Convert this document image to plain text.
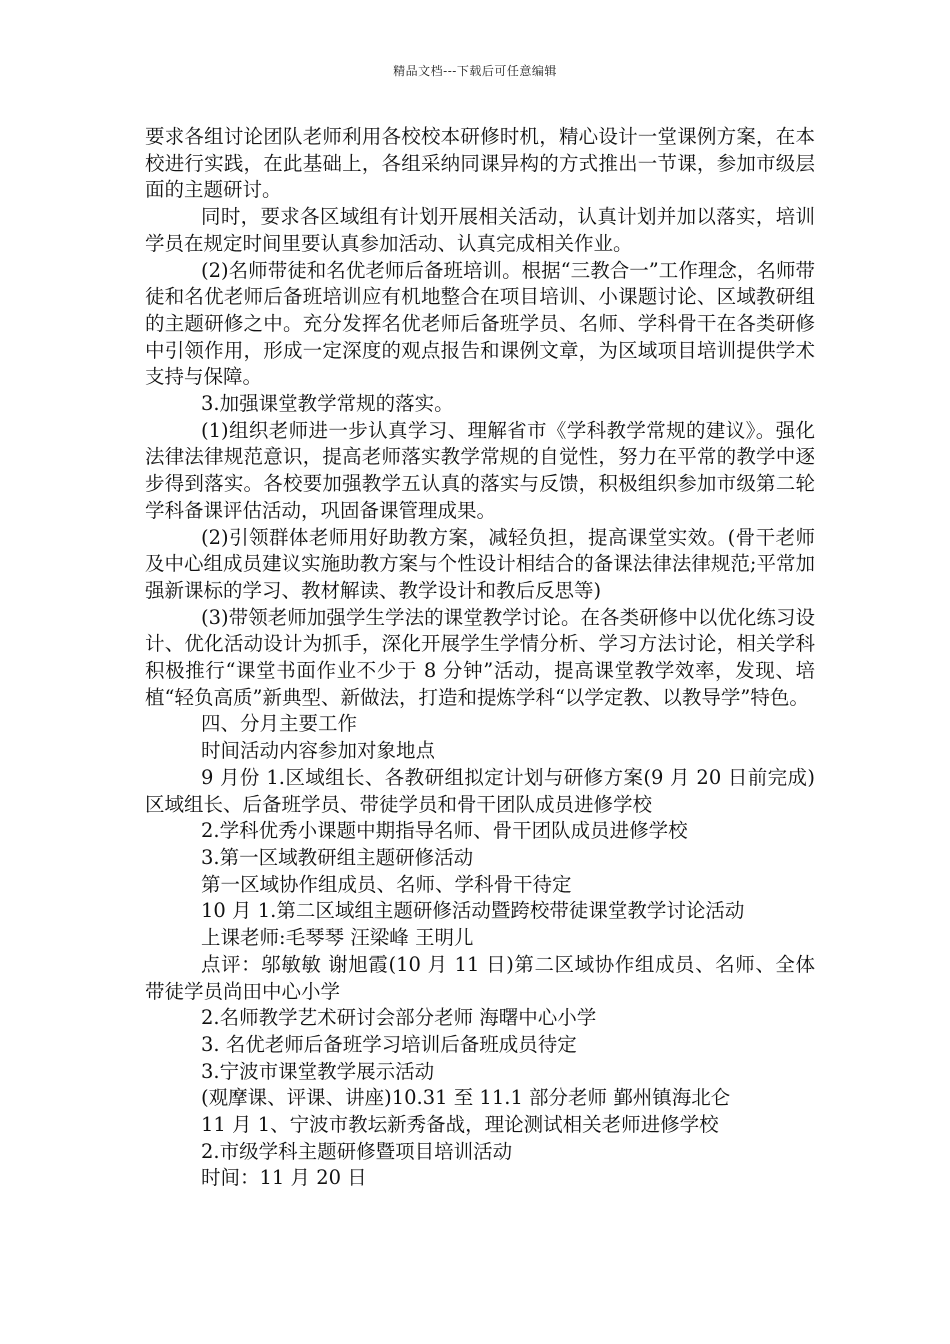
精品文档---下载后可任意编辑

要求各组讨论团队老师利用各校校本研修时机，精心设计一堂课例方案，在本校进行实践，在此基础上，各组采纳同课异构的方式推出一节课，参加市级层面的主题研讨。

同时，要求各区域组有计划开展相关活动，认真计划并加以落实，培训学员在规定时间里要认真参加活动、认真完成相关作业。

(2)名师带徒和名优老师后备班培训。根据“三教合一”工作理念，名师带徒和名优老师后备班培训应有机地整合在项目培训、小课题讨论、区域教研组的主题研修之中。充分发挥名优老师后备班学员、名师、学科骨干在各类研修中引领作用，形成一定深度的观点报告和课例文章，为区域项目培训提供学术支持与保障。

3.加强课堂教学常规的落实。

(1)组织老师进一步认真学习、理解省市《学科教学常规的建议》。强化法律法律规范意识，提高老师落实教学常规的自觉性，努力在平常的教学中逐步得到落实。各校要加强教学五认真的落实与反馈，积极组织参加市级第二轮学科备课评估活动，巩固备课管理成果。

(2)引领群体老师用好助教方案，减轻负担，提高课堂实效。(骨干老师及中心组成员建议实施助教方案与个性设计相结合的备课法律法律规范;平常加强新课标的学习、教材解读、教学设计和教后反思等)

(3)带领老师加强学生学法的课堂教学讨论。在各类研修中以优化练习设计、优化活动设计为抓手，深化开展学生学情分析、学习方法讨论，相关学科积极推行“课堂书面作业不少于 8 分钟”活动，提高课堂教学效率，发现、培植“轻负高质”新典型、新做法，打造和提炼学科“以学定教、以教导学”特色。

四、分月主要工作

时间活动内容参加对象地点

9 月份 1.区域组长、各教研组拟定计划与研修方案(9 月 20 日前完成)区域组长、后备班学员、带徒学员和骨干团队成员进修学校

2.学科优秀小课题中期指导名师、骨干团队成员进修学校

3.第一区域教研组主题研修活动

第一区域协作组成员、名师、学科骨干待定

10 月 1.第二区域组主题研修活动暨跨校带徒课堂教学讨论活动

上课老师:毛琴琴 汪梁峰 王明儿

点评：邬敏敏 谢旭霞(10 月 11 日)第二区域协作组成员、名师、全体带徒学员尚田中心小学

2.名师教学艺术研讨会部分老师 海曙中心小学

3. 名优老师后备班学习培训后备班成员待定

3.宁波市课堂教学展示活动

(观摩课、评课、讲座)10.31 至 11.1 部分老师 鄞州镇海北仑

11 月 1、宁波市教坛新秀备战，理论测试相关老师进修学校

2.市级学科主题研修暨项目培训活动

时间：11 月 20 日
